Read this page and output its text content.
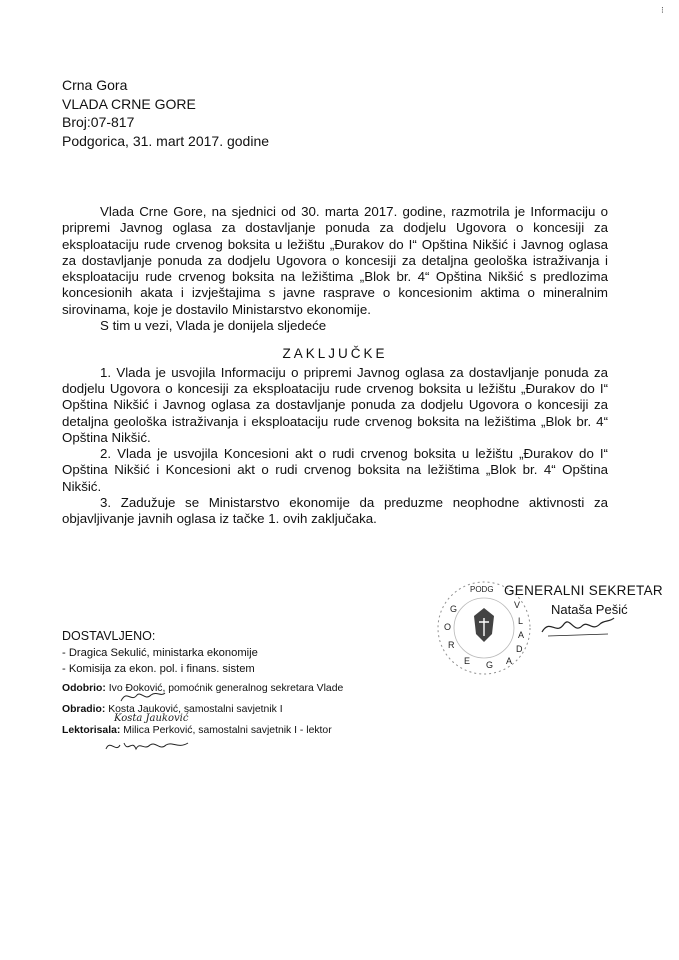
⁝
Crna Gora
VLADA CRNE GORE
Broj:07-817
Podgorica, 31. mart 2017. godine

Vlada Crne Gore, na sjednici od 30. marta 2017. godine, razmotrila je Informaciju o pripremi Javnog oglasa za dostavljanje ponuda za dodjelu Ugovora o koncesiji za eksploataciju rude crvenog boksita u ležištu „Đurakov do I“ Opština Nikšić i Javnog oglasa za dostavljanje ponuda za dodjelu Ugovora o koncesiji za detaljna geološka istraživanja i eksploataciju rude crvenog boksita na ležištima „Blok br. 4“ Opština Nikšić s predlozima koncesionih akata i izvještajima s javne rasprave o koncesionim aktima o mineralnim sirovinama, koje je dostavilo Ministarstvo ekonomije.

S tim u vezi, Vlada je donijela sljedeće

ZAKLJUČKE

1. Vlada je usvojila Informaciju o pripremi Javnog oglasa za dostavljanje ponuda za dodjelu Ugovora o koncesiji za eksploataciju rude crvenog boksita u ležištu „Đurakov do I“ Opština Nikšić i Javnog oglasa za dostavljanje ponuda za dodjelu Ugovora o koncesiji za detaljna geološka istraživanja i eksploataciju rude crvenog boksita na ležištima „Blok br. 4“ Opština Nikšić.

2. Vlada je usvojila Koncesioni akt o rudi crvenog boksita u ležištu „Đurakov do I“ Opština Nikšić i Koncesioni akt o rudi crvenog boksita na ležištima „Blok br. 4“ Opština Nikšić.

3. Zadužuje se Ministarstvo ekonomije da preduzme neophodne aktivnosti za objavljivanje javnih oglasa iz tačke 1. ovih zaključaka.

G
O
R
E G
V
L
A
D
A
PODG GENERALNI SEKRETAR
Nataša Pešić
DOSTAVLJENO:
- Dragica Sekulić, ministarka ekonomije
- Komisija za ekon. pol. i finans. sistem
Odobrio: Ivo Đoković, pomoćnik generalnog sekretara Vlade
Obradio: Kosta Jauković, samostalni savjetnik I
Kosta Jauković
Lektorisala: Milica Perković, samostalni savjetnik I - lektor
